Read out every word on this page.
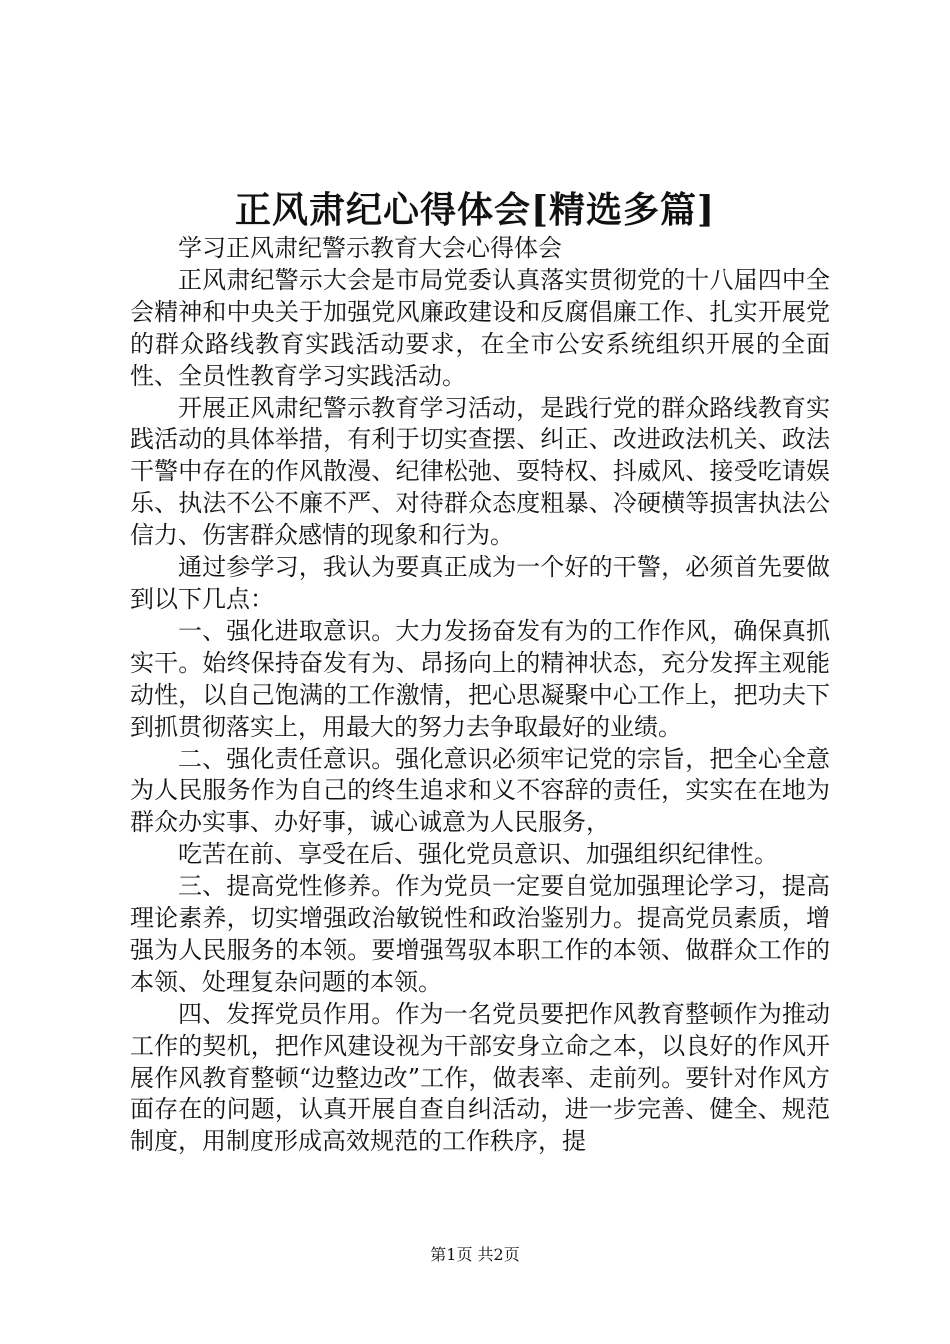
正风肃纪心得体会[精选多篇]

学习正风肃纪警示教育大会心得体会

正风肃纪警示大会是市局党委认真落实贯彻党的十八届四中全会精神和中央关于加强党风廉政建设和反腐倡廉工作、扎实开展党的群众路线教育实践活动要求，在全市公安系统组织开展的全面性、全员性教育学习实践活动。

开展正风肃纪警示教育学习活动，是践行党的群众路线教育实践活动的具体举措，有利于切实查摆、纠正、改进政法机关、政法干警中存在的作风散漫、纪律松弛、耍特权、抖威风、接受吃请娱乐、执法不公不廉不严、对待群众态度粗暴、冷硬横等损害执法公信力、伤害群众感情的现象和行为。

通过参学习，我认为要真正成为一个好的干警，必须首先要做到以下几点：

一、强化进取意识。大力发扬奋发有为的工作作风，确保真抓实干。始终保持奋发有为、昂扬向上的精神状态，充分发挥主观能动性，以自己饱满的工作激情，把心思凝聚中心工作上，把功夫下到抓贯彻落实上，用最大的努力去争取最好的业绩。

二、强化责任意识。强化意识必须牢记党的宗旨，把全心全意为人民服务作为自己的终生追求和义不容辞的责任，实实在在地为群众办实事、办好事，诚心诚意为人民服务，

吃苦在前、享受在后、强化党员意识、加强组织纪律性。

三、提高党性修养。作为党员一定要自觉加强理论学习，提高理论素养，切实增强政治敏锐性和政治鉴别力。提高党员素质，增强为人民服务的本领。要增强驾驭本职工作的本领、做群众工作的本领、处理复杂问题的本领。

四、发挥党员作用。作为一名党员要把作风教育整顿作为推动工作的契机，把作风建设视为干部安身立命之本，以良好的作风开展作风教育整顿“边整边改”工作，做表率、走前列。要针对作风方面存在的问题，认真开展自查自纠活动，进一步完善、健全、规范制度，用制度形成高效规范的工作秩序，提

第1页 共2页
